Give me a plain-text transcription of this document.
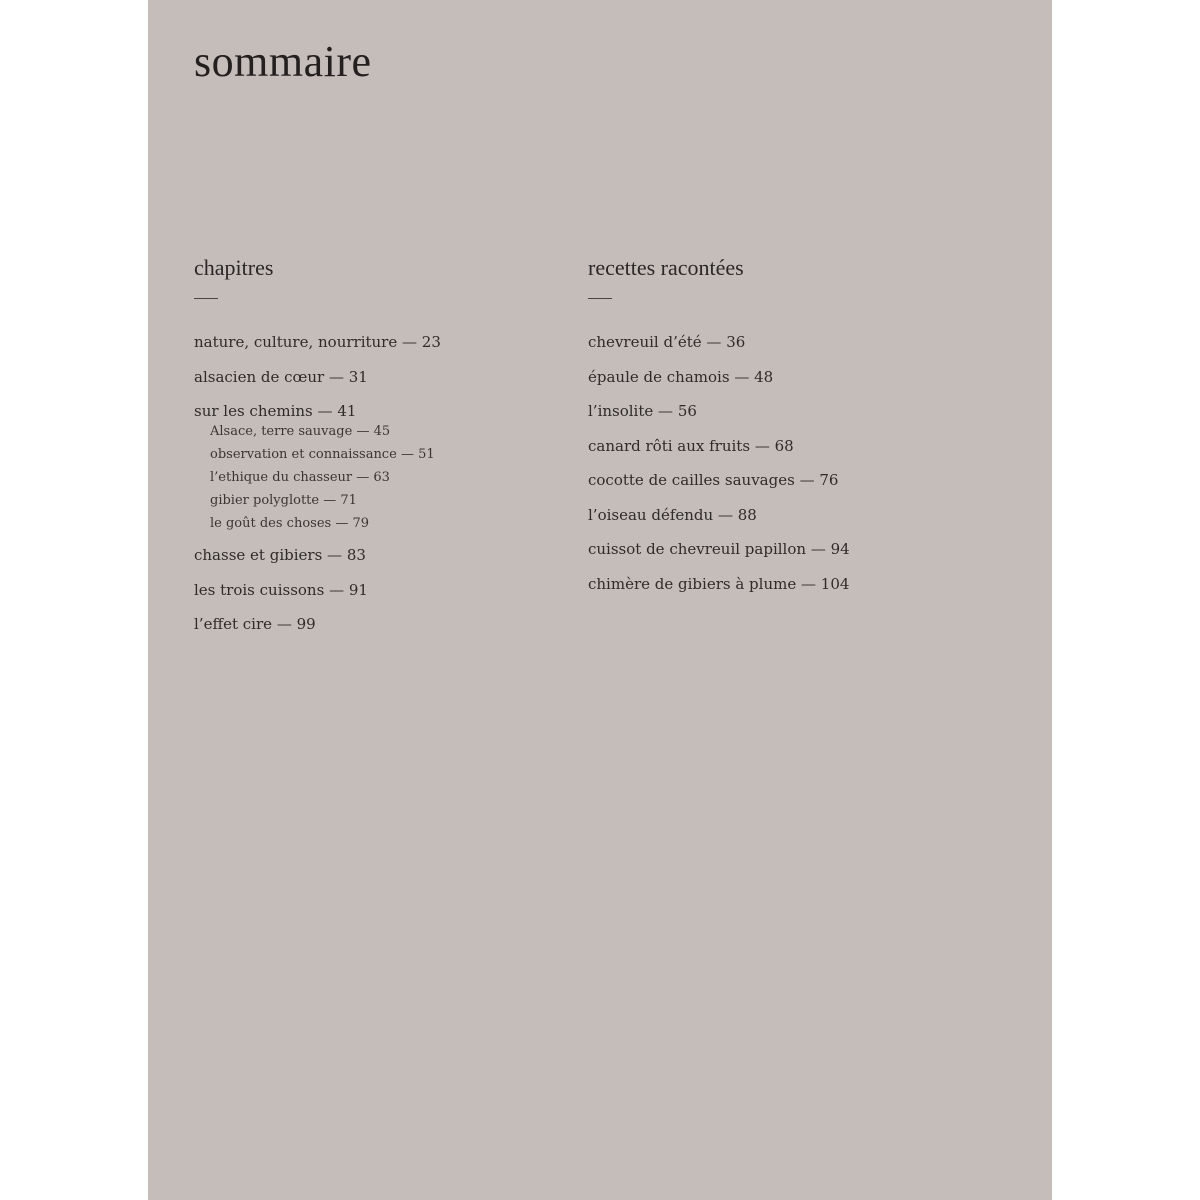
sommaire
chapitres
nature, culture, nourriture — 23
alsacien de cœur — 31
sur les chemins — 41
Alsace, terre sauvage — 45
observation et connaissance — 51
l’ethique du chasseur — 63
gibier polyglotte — 71
le goût des choses — 79
chasse et gibiers — 83
les trois cuissons — 91
l’effet cire — 99
recettes racontées
chevreuil d’été — 36
épaule de chamois — 48
l’insolite — 56
canard rôti aux fruits — 68
cocotte de cailles sauvages — 76
l’oiseau défendu — 88
cuissot de chevreuil papillon — 94
chimère de gibiers à plume — 104
